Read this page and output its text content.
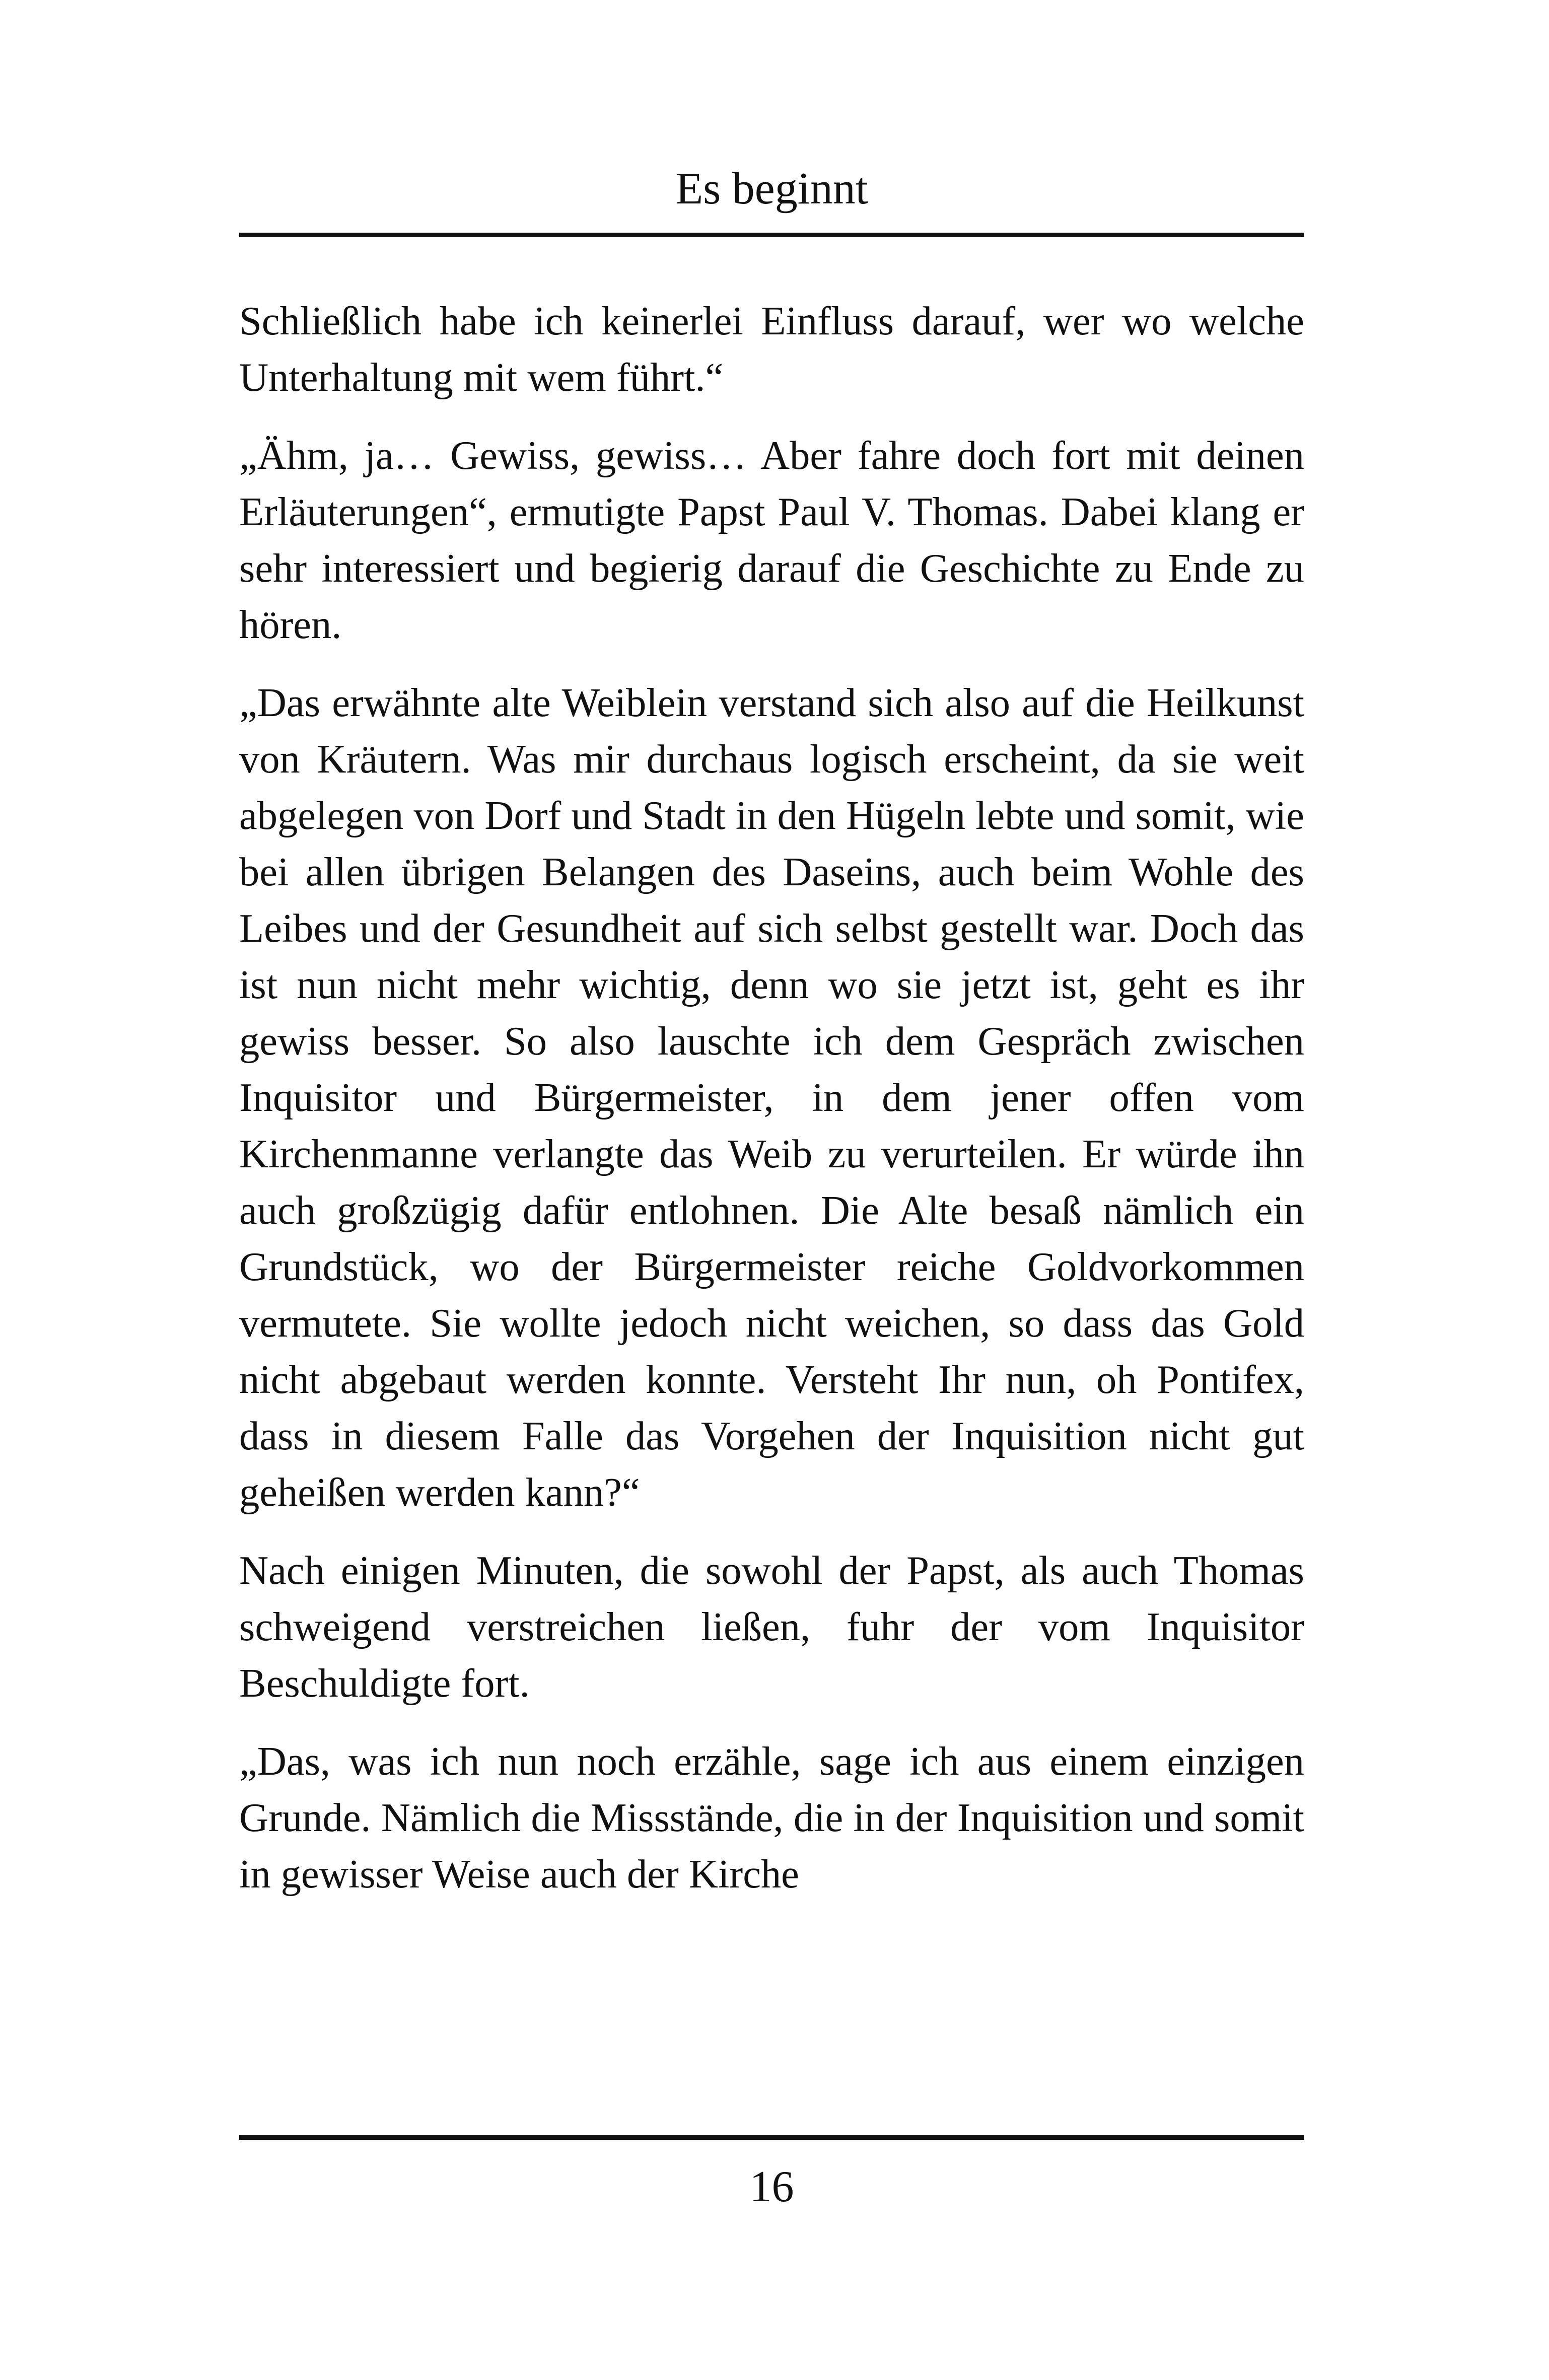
Es beginnt

Schließlich habe ich keinerlei Einfluss darauf, wer wo welche Unterhaltung mit wem führt.“

„Ähm, ja… Gewiss, gewiss… Aber fahre doch fort mit deinen Erläuterungen“, ermutigte Papst Paul V. Thomas. Dabei klang er sehr interessiert und begierig darauf die Geschichte zu Ende zu hören.

„Das erwähnte alte Weiblein verstand sich also auf die Heilkunst von Kräutern. Was mir durchaus logisch erscheint, da sie weit abgelegen von Dorf und Stadt in den Hügeln lebte und somit, wie bei allen übrigen Belangen des Daseins, auch beim Wohle des Leibes und der Gesundheit auf sich selbst gestellt war. Doch das ist nun nicht mehr wichtig, denn wo sie jetzt ist, geht es ihr gewiss besser. So also lauschte ich dem Gespräch zwischen Inquisitor und Bürgermeister, in dem jener offen vom Kirchenmanne verlangte das Weib zu verurteilen. Er würde ihn auch großzügig dafür entlohnen. Die Alte besaß nämlich ein Grundstück, wo der Bürgermeister reiche Goldvorkommen vermutete. Sie wollte jedoch nicht weichen, so dass das Gold nicht abgebaut werden konnte. Versteht Ihr nun, oh Pontifex, dass in diesem Falle das Vorgehen der Inquisition nicht gut geheißen werden kann?“

Nach einigen Minuten, die sowohl der Papst, als auch Thomas schweigend verstreichen ließen, fuhr der vom Inquisitor Beschuldigte fort.

„Das, was ich nun noch erzähle, sage ich aus einem einzigen Grunde. Nämlich die Missstände, die in der Inquisition und somit in gewisser Weise auch der Kirche

16
